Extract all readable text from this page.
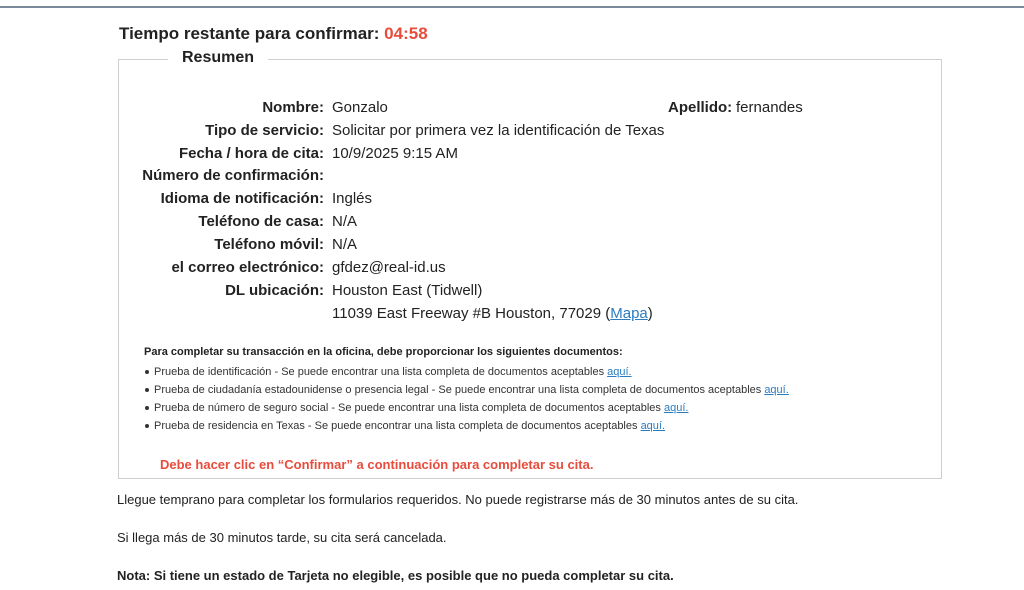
Tiempo restante para confirmar: 04:58
Resumen
Nombre: Gonzalo	Apellido: fernandes
Tipo de servicio: Solicitar por primera vez la identificación de Texas
Fecha / hora de cita: 10/9/2025 9:15 AM
Número de confirmación:
Idioma de notificación: Inglés
Teléfono de casa: N/A
Teléfono móvil: N/A
el correo electrónico: gfdez@real-id.us
DL ubicación: Houston East (Tidwell)
11039 East Freeway #B Houston, 77029 (Mapa)
Para completar su transacción en la oficina, debe proporcionar los siguientes documentos:
Prueba de identificación - Se puede encontrar una lista completa de documentos aceptables aquí.
Prueba de ciudadanía estadounidense o presencia legal - Se puede encontrar una lista completa de documentos aceptables aquí.
Prueba de número de seguro social - Se puede encontrar una lista completa de documentos aceptables aquí.
Prueba de residencia en Texas - Se puede encontrar una lista completa de documentos aceptables aquí.
Debe hacer clic en “Confirmar” a continuación para completar su cita.
Llegue temprano para completar los formularios requeridos. No puede registrarse más de 30 minutos antes de su cita.
Si llega más de 30 minutos tarde, su cita será cancelada.
Nota: Si tiene un estado de Tarjeta no elegible, es posible que no pueda completar su cita.
